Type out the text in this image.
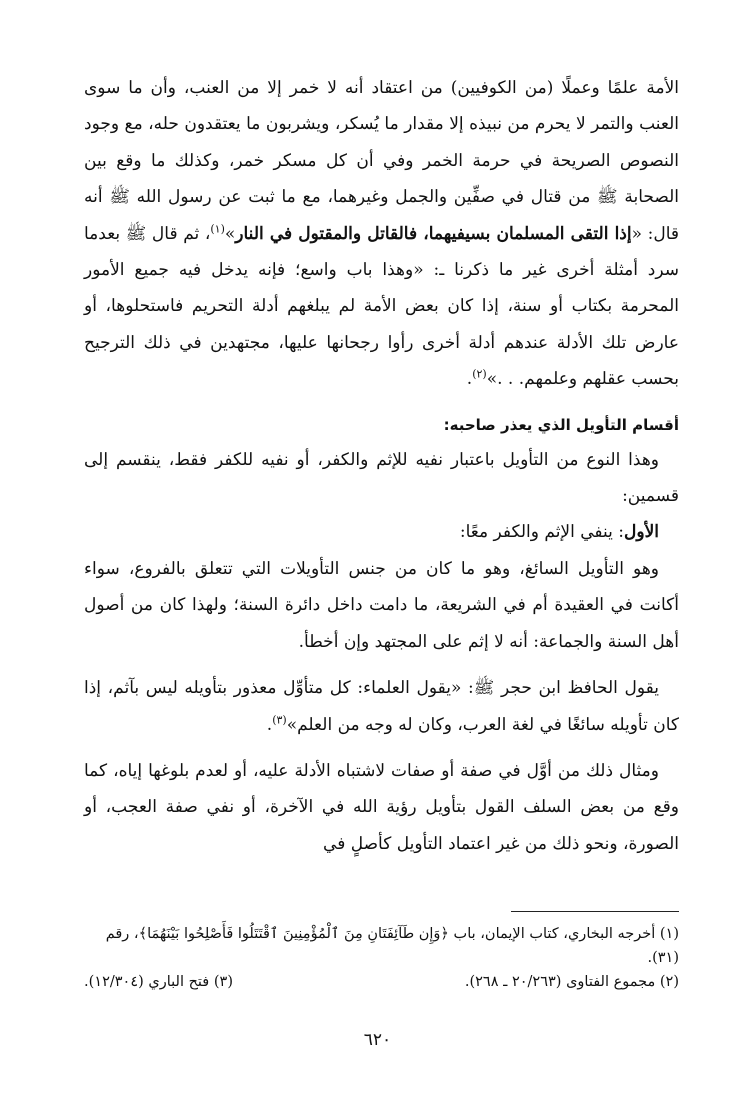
الأمة علمًا وعملًا (من الكوفيين) من اعتقاد أنه لا خمر إلا من العنب، وأن ما سوى العنب والتمر لا يحرم من نبيذه إلا مقدار ما يُسكر، ويشربون ما يعتقدون حله، مع وجود النصوص الصريحة في حرمة الخمر وفي أن كل مسكر خمر، وكذلك ما وقع بين الصحابة ﷺ من قتال في صفِّين والجمل وغيرهما، مع ما ثبت عن رسول الله ﷺ أنه قال: «إذا التقى المسلمان بسيفيهما، فالقاتل والمقتول في النار»$^{(١)}$، ثم قال ﷺ بعدما سرد أمثلة أخرى غير ما ذكرنا ـ: «وهذا باب واسع؛ فإنه يدخل فيه جميع الأمور المحرمة بكتاب أو سنة، إذا كان بعض الأمة لم يبلغهم أدلة التحريم فاستحلوها، أو عارض تلك الأدلة عندهم أدلة أخرى رأوا رجحانها عليها، مجتهدين في ذلك الترجيح بحسب عقلهم وعلمهم. . .»$^{(٢)}$.

أقسام التأويل الذي يعذر صاحبه:

وهذا النوع من التأويل باعتبار نفيه للإثم والكفر، أو نفيه للكفر فقط، ينقسم إلى قسمين:

الأول: ينفي الإثم والكفر معًا:

وهو التأويل السائغ، وهو ما كان من جنس التأويلات التي تتعلق بالفروع، سواء أكانت في العقيدة أم في الشريعة، ما دامت داخل دائرة السنة؛ ولهذا كان من أصول أهل السنة والجماعة: أنه لا إثم على المجتهد وإن أخطأ.

يقول الحافظ ابن حجر ﷺ: «يقول العلماء: كل متأوِّل معذور بتأويله ليس بآثم، إذا كان تأويله سائغًا في لغة العرب، وكان له وجه من العلم»$^{(٣)}$.

ومثال ذلك من أوَّل في صفة أو صفات لاشتباه الأدلة عليه، أو لعدم بلوغها إياه، كما وقع من بعض السلف القول بتأويل رؤية الله في الآخرة، أو نفي صفة العجب، أو الصورة، ونحو ذلك من غير اعتماد التأويل كأصلٍ في

(١) أخرجه البخاري، كتاب الإيمان، باب ﴿وَإِن طَآئِفَتَانِ مِنَ ٱلْمُؤْمِنِينَ ٱقْتَتَلُوا فَأَصْلِحُوا بَيْنَهُمَا﴾، رقم (٣١).
(٢) مجموع الفتاوى (٢٠/٢٦٣ ـ ٢٦٨).
(٣) فتح الباري (١٢/٣٠٤).
٦٢٠
